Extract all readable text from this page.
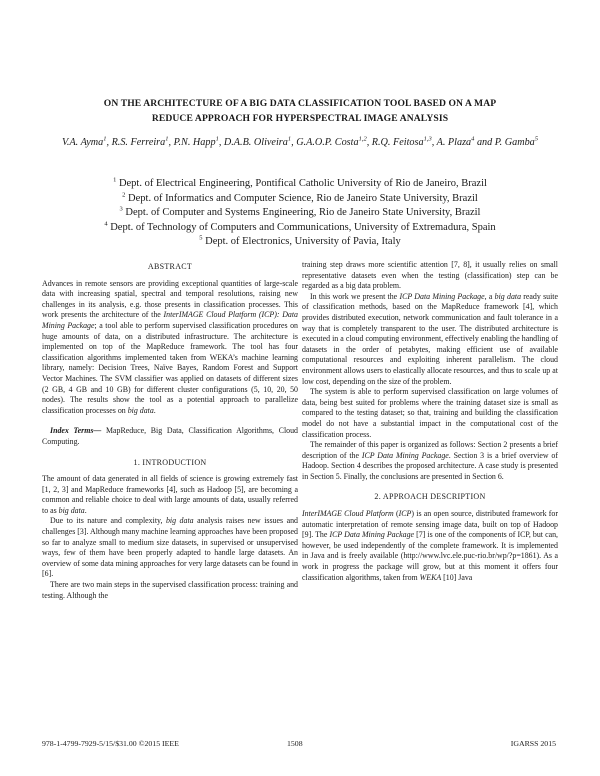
ON THE ARCHITECTURE OF A BIG DATA CLASSIFICATION TOOL BASED ON A MAP
REDUCE APPROACH FOR HYPERSPECTRAL IMAGE ANALYSIS
V.A. Ayma$^1$, R.S. Ferreira$^1$, P.N. Happ$^1$, D.A.B. Oliveira$^1$, G.A.O.P. Costa$^{1,2}$, R.Q. Feitosa$^{1,3}$, A. Plaza$^4$ and P. Gamba$^5$
$^1$ Dept. of Electrical Engineering, Pontifical Catholic University of Rio de Janeiro, Brazil
$^2$ Dept. of Informatics and Computer Science, Rio de Janeiro State University, Brazil
$^3$ Dept. of Computer and Systems Engineering, Rio de Janeiro State University, Brazil
$^4$ Dept. of Technology of Computers and Communications, University of Extremadura, Spain
$^5$ Dept. of Electronics, University of Pavia, Italy

ABSTRACT

Advances in remote sensors are providing exceptional quantities of large-scale data with increasing spatial, spectral and temporal resolutions, raising new challenges in its analysis, e.g. those presents in classification processes. This work presents the architecture of the InterIMAGE Cloud Platform (ICP): Data Mining Package; a tool able to perform supervised classification procedures on huge amounts of data, on a distributed infrastructure. The architecture is implemented on top of the MapReduce framework. The tool has four classification algorithms implemented taken from WEKA’s machine learning library, namely: Decision Trees, Naïve Bayes, Random Forest and Support Vector Machines. The SVM classifier was applied on datasets of different sizes (2 GB, 4 GB and 10 GB) for different cluster configurations (5, 10, 20, 50 nodes). The results show the tool as a potential approach to parallelize classification processes on big data.

Index Terms— MapReduce, Big Data, Classification Algorithms, Cloud Computing.

1. INTRODUCTION

The amount of data generated in all fields of science is growing extremely fast [1, 2, 3] and MapReduce frameworks [4], such as Hadoop [5], are becoming a common and reliable choice to deal with large amounts of data, usually referred to as big data.

Due to its nature and complexity, big data analysis raises new issues and challenges [3]. Although many machine learning approaches have been proposed so far to analyze small to medium size datasets, in supervised or unsupervised ways, few of them have been properly adapted to handle large datasets. An overview of some data mining approaches for very large datasets can be found in [6].

There are two main steps in the supervised classification process: training and testing. Although the

training step draws more scientific attention [7, 8], it usually relies on small representative datasets even when the testing (classification) step can be regarded as a big data problem.

In this work we present the ICP Data Mining Package, a big data ready suite of classification methods, based on the MapReduce framework [4], which provides distributed execution, network communication and fault tolerance in a way that is completely transparent to the user. The distributed architecture is executed in a cloud computing environment, effectively enabling the handling of datasets in the order of petabytes, making efficient use of available computational resources and exploiting inherent parallelism. The cloud environment allows users to elastically allocate resources, and thus to scale up at low cost, depending on the size of the problem.

The system is able to perform supervised classification on large volumes of data, being best suited for problems where the training dataset size is small as compared to the testing dataset; so that, training and building the classification model do not have a substantial impact in the computational cost of the classification process.

The remainder of this paper is organized as follows: Section 2 presents a brief description of the ICP Data Mining Package. Section 3 is a brief overview of Hadoop. Section 4 describes the proposed architecture. A case study is presented in Section 5. Finally, the conclusions are presented in Section 6.

2. APPROACH DESCRIPTION

InterIMAGE Cloud Platform (ICP) is an open source, distributed framework for automatic interpretation of remote sensing image data, built on top of Hadoop [9]. The ICP Data Mining Package [7] is one of the components of ICP, but can, however, be used independently of the complete framework. It is implemented in Java and is freely available (http://www.lvc.ele.puc-rio.br/wp/?p=1861). As a work in progress the package will grow, but at this moment it offers four classification algorithms, taken from WEKA [10] Java

978-1-4799-7929-5/15/$31.00 ©2015 IEEE	1508	IGARSS 2015
